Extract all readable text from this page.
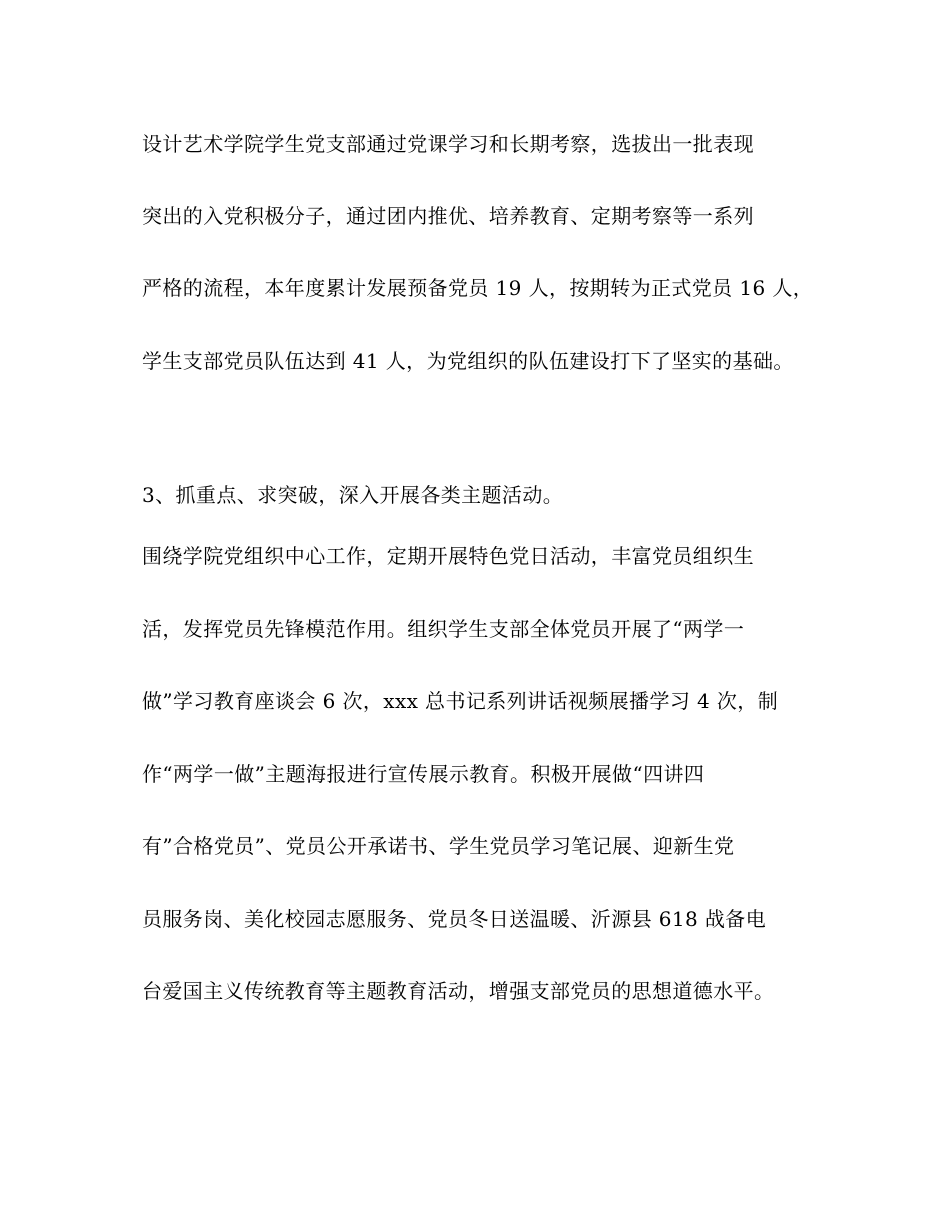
设计艺术学院学生党支部通过党课学习和长期考察，选拔出一批表现
突出的入党积极分子，通过团内推优、培养教育、定期考察等一系列
严格的流程，本年度累计发展预备党员 19 人，按期转为正式党员 16 人，
学生支部党员队伍达到 41 人，为党组织的队伍建设打下了坚实的基础。
3、抓重点、求突破，深入开展各类主题活动。
围绕学院党组织中心工作，定期开展特色党日活动，丰富党员组织生
活，发挥党员先锋模范作用。组织学生支部全体党员开展了“两学一
做”学习教育座谈会 6 次，xxx 总书记系列讲话视频展播学习 4 次，制
作“两学一做”主题海报进行宣传展示教育。积极开展做“四讲四
有”合格党员”、党员公开承诺书、学生党员学习笔记展、迎新生党
员服务岗、美化校园志愿服务、党员冬日送温暖、沂源县 618 战备电
台爱国主义传统教育等主题教育活动，增强支部党员的思想道德水平。
